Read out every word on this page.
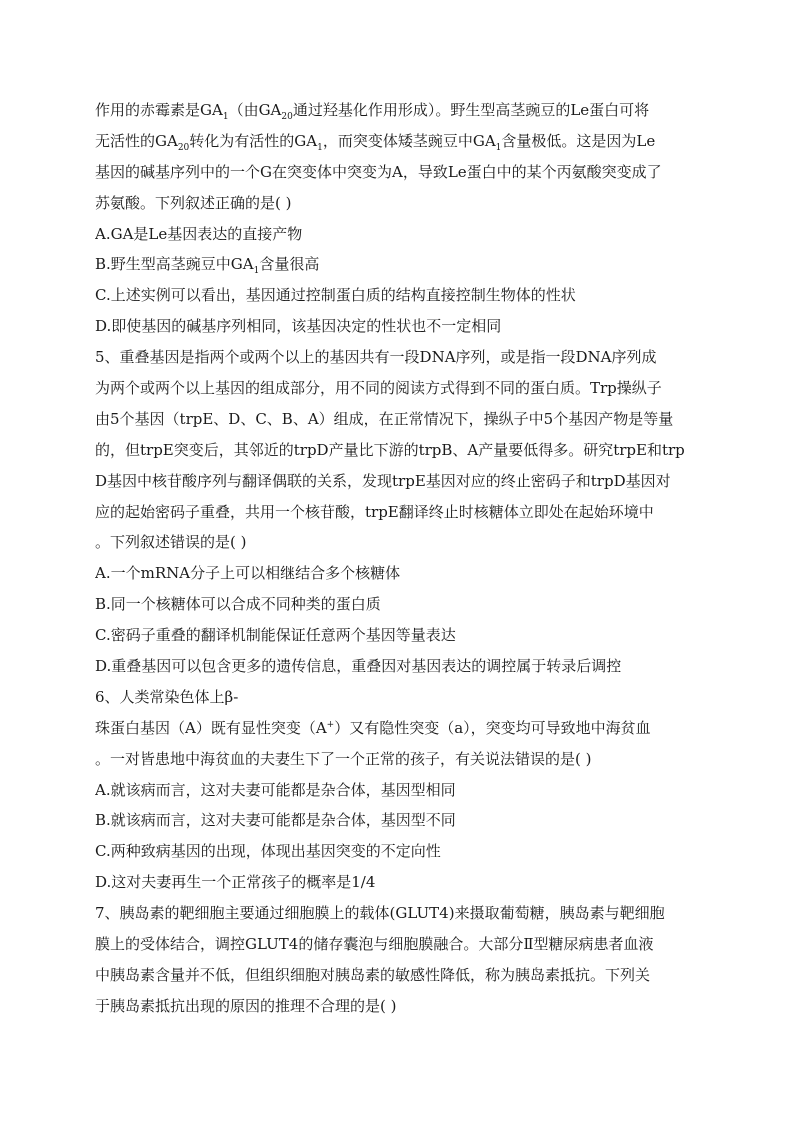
作用的赤霉素是$GA_1$（由$GA_{20}$通过羟基化作用形成）。野生型高茎豌豆的Le蛋白可将
无活性的$GA_{20}$转化为有活性的$GA_1$，而突变体矮茎豌豆中$GA_1$含量极低。这是因为Le
基因的碱基序列中的一个G在突变体中突变为A，导致Le蛋白中的某个丙氨酸突变成了
苏氨酸。下列叙述正确的是( )
A.GA是Le基因表达的直接产物
B.野生型高茎豌豆中$GA_1$含量很高
C.上述实例可以看出，基因通过控制蛋白质的结构直接控制生物体的性状
D.即使基因的碱基序列相同，该基因决定的性状也不一定相同
5、重叠基因是指两个或两个以上的基因共有一段DNA序列，或是指一段DNA序列成
为两个或两个以上基因的组成部分，用不同的阅读方式得到不同的蛋白质。Trp操纵子
由5个基因（trpE、D、C、B、A）组成，在正常情况下，操纵子中5个基因产物是等量
的，但trpE突变后，其邻近的trpD产量比下游的trpB、A产量要低得多。研究trpE和trp
D基因中核苷酸序列与翻译偶联的关系，发现trpE基因对应的终止密码子和trpD基因对
应的起始密码子重叠，共用一个核苷酸，trpE翻译终止时核糖体立即处在起始环境中
。下列叙述错误的是( )
A.一个mRNA分子上可以相继结合多个核糖体
B.同一个核糖体可以合成不同种类的蛋白质
C.密码子重叠的翻译机制能保证任意两个基因等量表达
D.重叠基因可以包含更多的遗传信息，重叠因对基因表达的调控属于转录后调控
6、人类常染色体上β-
珠蛋白基因（A）既有显性突变（A+）又有隐性突变（a），突变均可导致地中海贫血
。一对皆患地中海贫血的夫妻生下了一个正常的孩子，有关说法错误的是( )
A.就该病而言，这对夫妻可能都是杂合体，基因型相同
B.就该病而言，这对夫妻可能都是杂合体，基因型不同
C.两种致病基因的出现，体现出基因突变的不定向性
D.这对夫妻再生一个正常孩子的概率是1/4
7、胰岛素的靶细胞主要通过细胞膜上的载体(GLUT4)来摄取葡萄糖，胰岛素与靶细胞
膜上的受体结合，调控GLUT4的储存囊泡与细胞膜融合。大部分Ⅱ型糖尿病患者血液
中胰岛素含量并不低，但组织细胞对胰岛素的敏感性降低，称为胰岛素抵抗。下列关
于胰岛素抵抗出现的原因的推理不合理的是( )
